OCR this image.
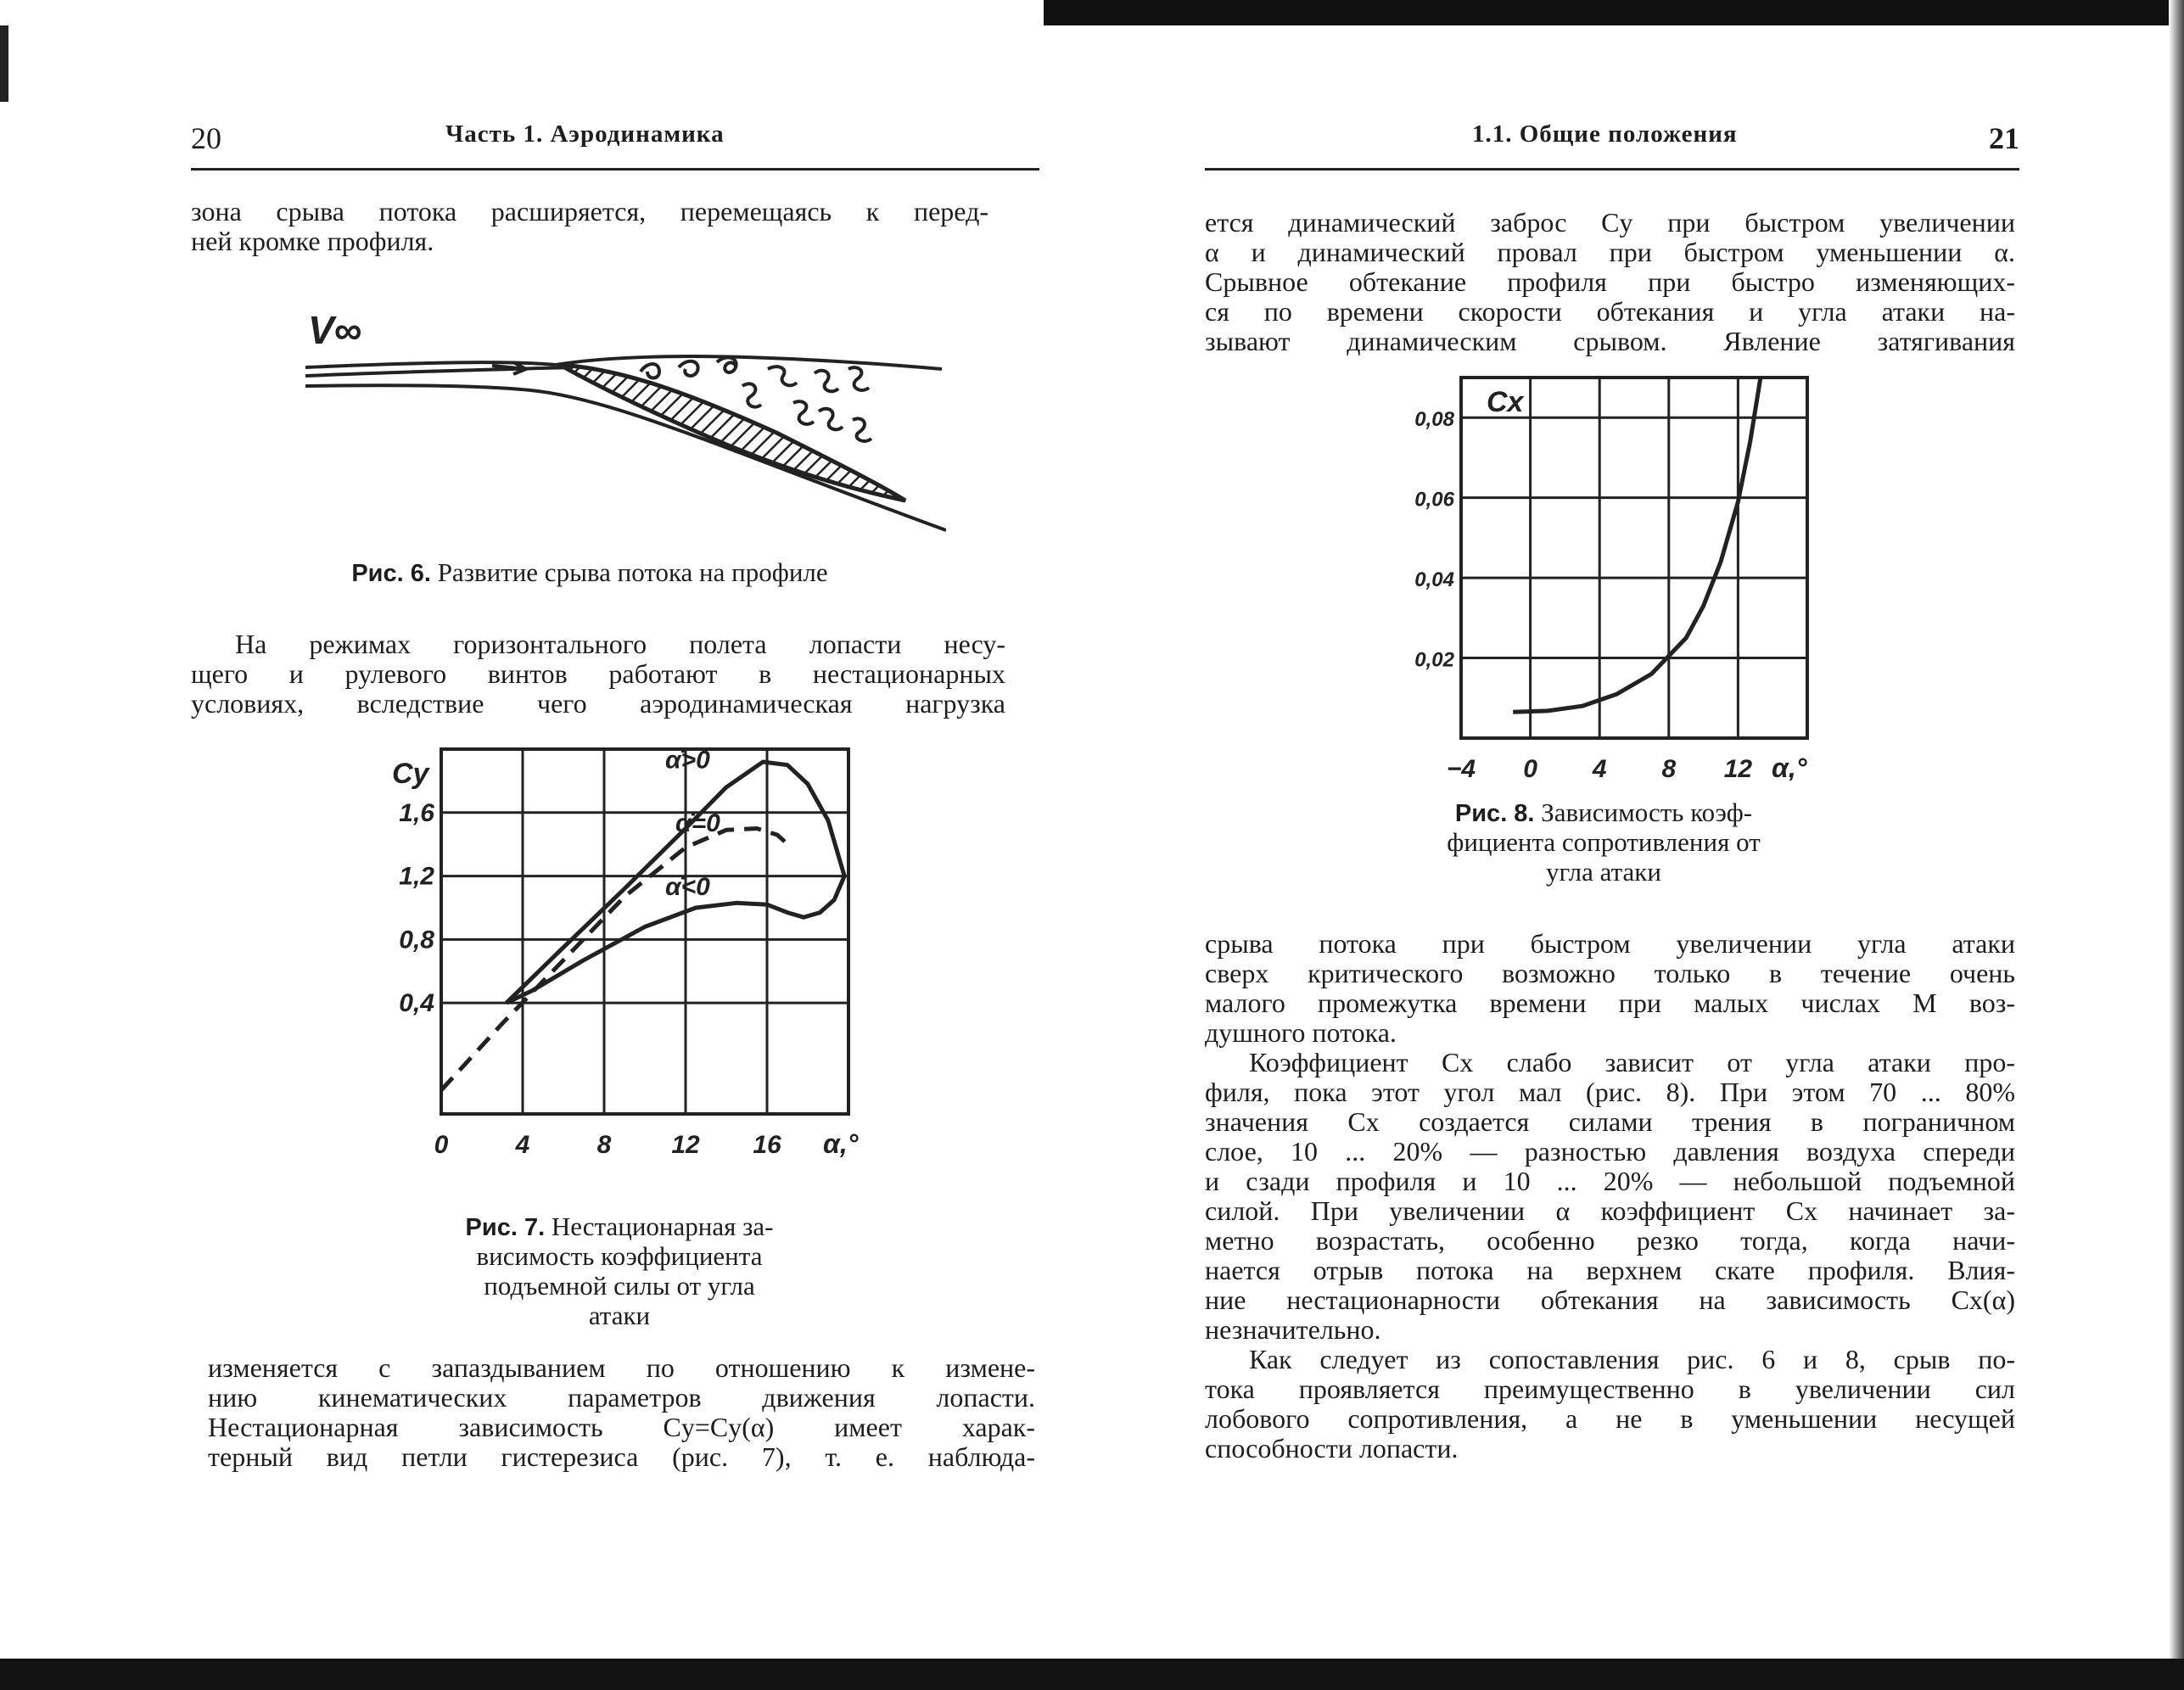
20	Часть 1. Аэродинамика
зона срыва потока расширяется, перемещаясь к перед-
ней кромке профиля.
V∞
Рис. 6. Развитие срыва потока на профиле
На режимах горизонтального полета лопасти несу-
щего и рулевого винтов работают в нестационарных
условиях, вследствие чего аэродинамическая нагрузка
0	4	8 12 16
0,4
0,8
1,2
1,6
Cy
α,°
α̇>0
α̇=0
α̇<0
Рис. 7. Нестационарная за-
висимость коэффициента
подъемной силы от угла
атаки
изменяется с запаздыванием по отношению к измене-
нию кинематических параметров движения лопасти.
Нестационарная зависимость Cy=Cy(α) имеет харак-
терный вид петли гистерезиса (рис. 7), т. е. наблюда-
1.1. Общие положения	21
ется динамический заброс Cy при быстром увеличении
α и динамический провал при быстром уменьшении α.
Срывное обтекание профиля при быстро изменяющих-
ся по времени скорости обтекания и угла атаки на-
зывают динамическим срывом. Явление затягивания
−4 0 4 8 12
0,02
0,04
0,06
0,08
Cx
α,°
Рис. 8. Зависимость коэф-
фициента сопротивления от
угла атаки
срыва потока при быстром увеличении угла атаки
сверх критического возможно только в течение очень
малого промежутка времени при малых числах M воз-
душного потока.
Коэффициент Cx слабо зависит от угла атаки про-
филя, пока этот угол мал (рис. 8). При этом 70 ... 80%
значения Cx создается силами трения в пограничном
слое, 10 ... 20% — разностью давления воздуха спереди
и сзади профиля и 10 ... 20% — небольшой подъемной
силой. При увеличении α коэффициент Cx начинает за-
метно возрастать, особенно резко тогда, когда начи-
нается отрыв потока на верхнем скате профиля. Влия-
ние нестационарности обтекания на зависимость Cx(α)
незначительно.
Как следует из сопоставления рис. 6 и 8, срыв по-
тока проявляется преимущественно в увеличении сил
лобового сопротивления, а не в уменьшении несущей
способности лопасти.
